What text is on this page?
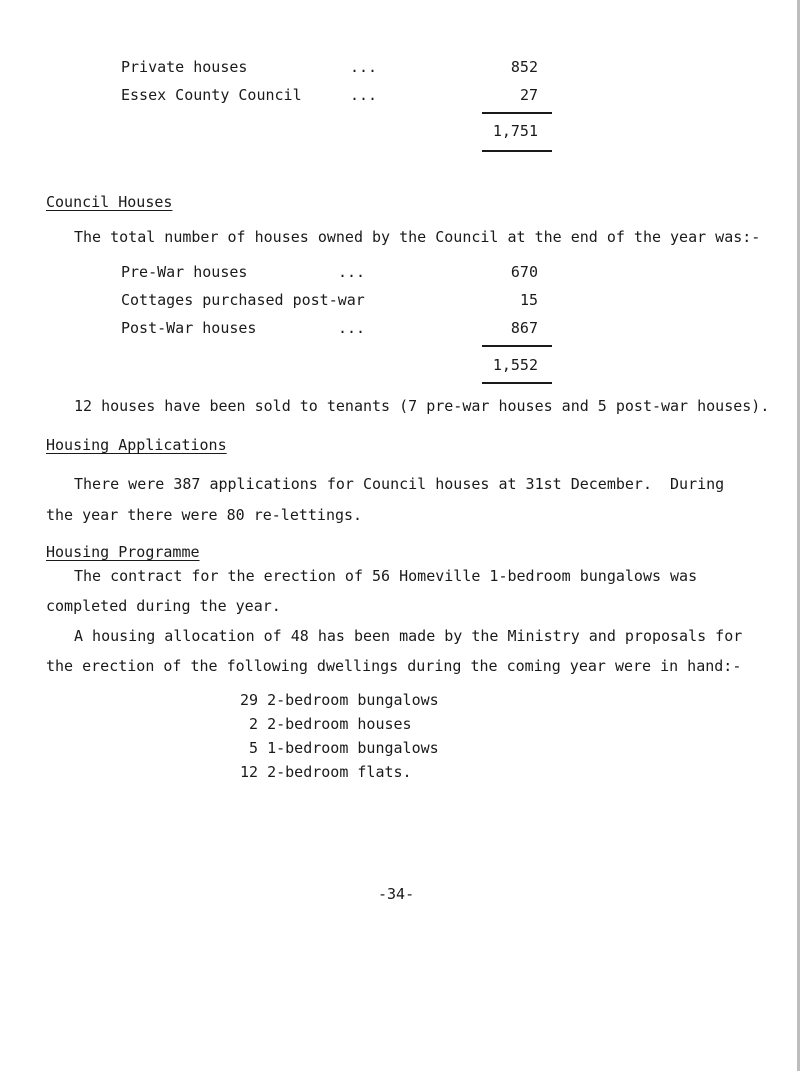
Private houses	...	852
Essex County Council	...	27
1,751
Council Houses
The total number of houses owned by the Council at the end of the year was:-
Pre-War houses	...	670
Cottages purchased post-war	15
Post-War houses	...	867
1,552
12 houses have been sold to tenants (7 pre-war houses and 5 post-war houses).
Housing Applications
There were 387 applications for Council houses at 31st December.  During
the year there were 80 re-lettings.
Housing Programme
The contract for the erection of 56 Homeville 1-bedroom bungalows was
completed during the year.
A housing allocation of 48 has been made by the Ministry and proposals for
the erection of the following dwellings during the coming year were in hand:-
29 2-bedroom bungalows
2 2-bedroom houses
5 1-bedroom bungalows
12 2-bedroom flats.
-34-
